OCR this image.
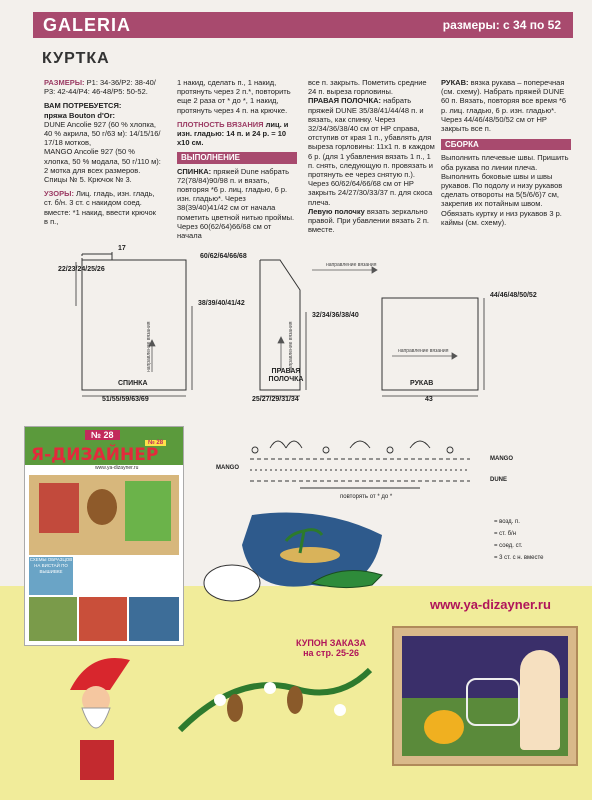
GALERIA	размеры: с 34 по 52
КУРТКА
РАЗМЕРЫ: Р1: 34-36/Р2: 38-40/ Р3: 42-44/Р4: 46-48/Р5: 50-52.
ВАМ ПОТРЕБУЕТСЯ:
пряжа Bouton d'Or:
DUNE Ancolie 927 (60 % хлопка, 40 % акрила, 50 г/63 м): 14/15/16/ 17/18 мотков,
MANGO Ancolie 927 (50 % хлопка, 50 % модала, 50 г/110 м): 2 мотка для всех размеров.
Спицы № 5. Крючок № 3.
УЗОРЫ: Лиц. гладь, изн. гладь, ст. б/н. 3 ст. с накидом соед. вместе: *1 накид, ввести крючок в п.,
1 накид, сделать п., 1 накид, протянуть через 2 п.*, повторить еще 2 раза от * до *, 1 накид, протянуть через 4 п. на крючке.
ПЛОТНОСТЬ ВЯЗАНИЯ лиц. и изн. гладью: 14 п. и 24 р. = 10 х10 см.
ВЫПОЛНЕНИЕ
СПИНКА: пряжей Dune набрать 72(78/84)90/98 п. и вязать, повторяя *6 р. лиц. гладью, 6 р. изн. гладью*. Через 38(39/40)41/42 см от начала пометить цветной нитью проймы. Через 60(62/64)66/68 см от начала
все п. закрыть. Пометить средние 24 п. выреза горловины.
ПРАВАЯ ПОЛОЧКА: набрать пряжей DUNE 35/38/41/44/48 п. и вязать, как спинку. Через 32/34/36/38/40 см от НР справа, отступив от края 1 п., убавлять для выреза горловины: 11х1 п. в каждом 6 р. (для 1 убавления вязать 1 п., 1 п. снять, следующую п. провязать и протянуть ее через снятую п.). Через 60/62/64/66/68 см от НР закрыть 24/27/30/33/37 п. для скоса плеча.
Левую полочку вязать зеркально правой. При убавлении вязать 2 п. вместе.
РУКАВ: вязка рукава – поперечная (см. схему). Набрать пряжей DUNE 60 п. Вязать, повторяя все время *6 р. лиц. гладью, 6 р. изн. гладью*. Через 44/46/48/50/52 см от НР закрыть все п.
СБОРКА
Выполнить плечевые швы. Пришить оба рукава по линии плеча. Выполнить боковые швы и швы рукавов. По подолу и низу рукавов сделать отвороты на 5(5/6/6)7 см, закрепив их потайным швом. Обвязать куртку и низ рукавов 3 р. каймы (см. схему).
17
22/23/24/25/26
38/39/40/41/42
СПИНКА
51/55/59/63/69
направление вязания
60/62/64/66/68
32/34/36/38/40
ПРАВАЯ ПОЛОЧКА
25/27/29/31/34
направление вязания
направление вязания
направление вязания
44/46/48/50/52
РУКАВ
43
MANGO
MANGO
DUNE
повторять от * до *
= возд. п.
= ст. б/н
= соед. ст.
= 3 ст. с н. вместе
№ 28
№ 28
Я-ДИЗАЙНЕР
www.ya-dizayner.ru
СХЕМЫ ОБРАЗЦОВ НА ВИСТАЙ ПО ВЫШИВКЕ
www.ya-dizayner.ru
КУПОН ЗАКАЗА
на стр. 25-26
